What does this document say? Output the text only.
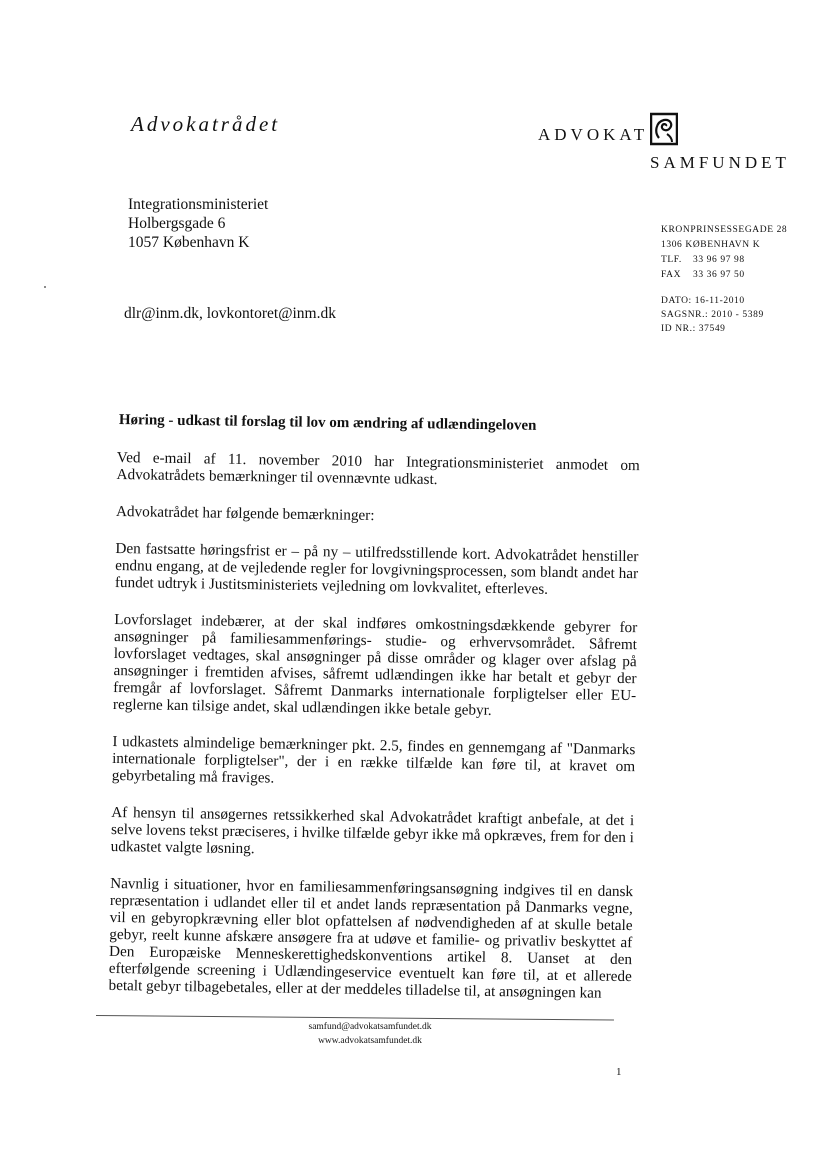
Advokatrådet	ADVOKAT
SAMFUNDET
Integrationsministeriet
Holbergsgade 6
1057 København K
KRONPRINSESSEGADE 28
1306 KØBENHAVN K
TLF.	33 96 97 98
FAX	33 36 97 50
DATO: 16-11-2010
SAGSNR.: 2010 - 5389
ID NR.: 37549
dlr@inm.dk, lovkontoret@inm.dk
Høring - udkast til forslag til lov om ændring af udlændingeloven

Ved e-mail af 11. november 2010 har Integrationsministeriet anmodet om Advokatrådets bemærkninger til ovennævnte udkast.

Advokatrådet har følgende bemærkninger:

Den fastsatte høringsfrist er – på ny – utilfredsstillende kort. Advokatrådet henstiller endnu engang, at de vejledende regler for lovgivningsprocessen, som blandt andet har fundet udtryk i Justitsministeriets vejledning om lovkvalitet, efterleves.

Lovforslaget indebærer, at der skal indføres omkostningsdækkende gebyrer for ansøgninger på familiesammenførings- studie- og erhvervsområdet. Såfremt lovforslaget vedtages, skal ansøgninger på disse områder og klager over afslag på ansøgninger i fremtiden afvises, såfremt udlændingen ikke har betalt et gebyr der fremgår af lovforslaget. Såfremt Danmarks internationale forpligtelser eller EU-reglerne kan tilsige andet, skal udlændingen ikke betale gebyr.

I udkastets almindelige bemærkninger pkt. 2.5, findes en gennemgang af "Danmarks internationale forpligtelser", der i en række tilfælde kan føre til, at kravet om gebyrbetaling må fraviges.

Af hensyn til ansøgernes retssikkerhed skal Advokatrådet kraftigt anbefale, at det i selve lovens tekst præciseres, i hvilke tilfælde gebyr ikke må opkræves, frem for den i udkastet valgte løsning.

Navnlig i situationer, hvor en familiesammenføringsansøgning indgives til en dansk repræsentation i udlandet eller til et andet lands repræsentation på Danmarks vegne, vil en gebyropkrævning eller blot opfattelsen af nødvendigheden af at skulle betale gebyr, reelt kunne afskære ansøgere fra at udøve et familie- og privatliv beskyttet af Den Europæiske Menneskerettighedskonventions artikel 8. Uanset at den efterfølgende screening i Udlændingeservice eventuelt kan føre til, at et allerede betalt gebyr tilbagebetales, eller at der meddeles tilladelse til, at ansøgningen kan

samfund@advokatsamfundet.dk
www.advokatsamfundet.dk
1
